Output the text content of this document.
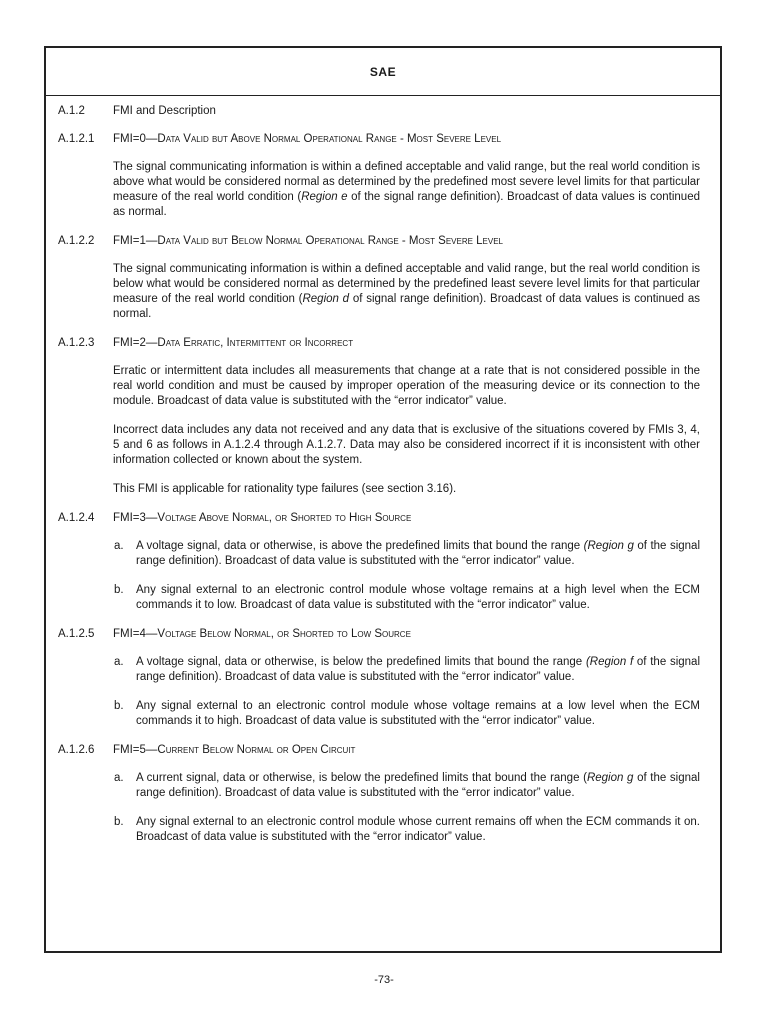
SAE
A.1.2	FMI and Description
A.1.2.1	FMI=0—Data Valid but Above Normal Operational Range - Most Severe Level

The signal communicating information is within a defined acceptable and valid range, but the real world condition is above what would be considered normal as determined by the predefined most severe level limits for that particular measure of the real world condition (Region e of the signal range definition). Broadcast of data values is continued as normal.

A.1.2.2	FMI=1—Data Valid but Below Normal Operational Range - Most Severe Level

The signal communicating information is within a defined acceptable and valid range, but the real world condition is below what would be considered normal as determined by the predefined least severe level limits for that particular measure of the real world condition (Region d of signal range definition). Broadcast of data values is continued as normal.

A.1.2.3	FMI=2—Data Erratic, Intermittent or Incorrect

Erratic or intermittent data includes all measurements that change at a rate that is not considered possible in the real world condition and must be caused by improper operation of the measuring device or its connection to the module. Broadcast of data value is substituted with the “error indicator” value.

Incorrect data includes any data not received and any data that is exclusive of the situations covered by FMIs 3, 4, 5 and 6 as follows in A.1.2.4 through A.1.2.7. Data may also be considered incorrect if it is inconsistent with other information collected or known about the system.

This FMI is applicable for rationality type failures (see section 3.16).

A.1.2.4	FMI=3—Voltage Above Normal, or Shorted to High Source
a.	A voltage signal, data or otherwise, is above the predefined limits that bound the range (Region g of the signal range definition). Broadcast of data value is substituted with the “error indicator” value.
b.	Any signal external to an electronic control module whose voltage remains at a high level when the ECM commands it to low. Broadcast of data value is substituted with the “error indicator” value.
A.1.2.5	FMI=4—Voltage Below Normal, or Shorted to Low Source
a.	A voltage signal, data or otherwise, is below the predefined limits that bound the range (Region f of the signal range definition). Broadcast of data value is substituted with the “error indicator” value.
b.	Any signal external to an electronic control module whose voltage remains at a low level when the ECM commands it to high. Broadcast of data value is substituted with the “error indicator” value.
A.1.2.6	FMI=5—Current Below Normal or Open Circuit
a.	A current signal, data or otherwise, is below the predefined limits that bound the range (Region g of the signal range definition). Broadcast of data value is substituted with the “error indicator” value.
b.	Any signal external to an electronic control module whose current remains off when the ECM commands it on. Broadcast of data value is substituted with the “error indicator” value.
-73-
